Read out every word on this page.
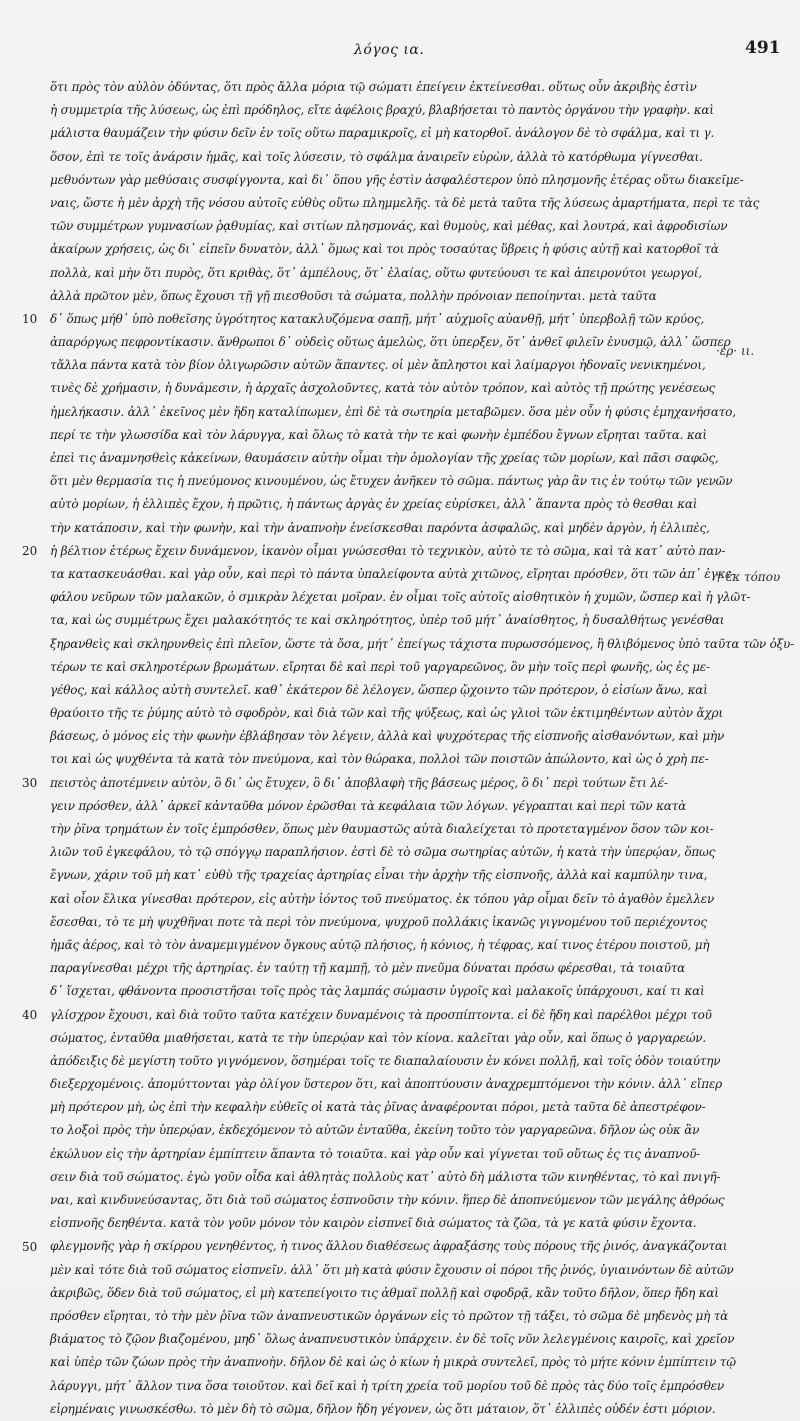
λόγος ια.	491
ὅτι πρὸς τὸν αὐλὸν ὀδύντας, ὅτι πρὸς ἄλλα μόρια τῷ σώματι ἐπείγειν ἐκτείνεσθαι. οὕτως οὖν ἀκριβὴς ἐστὶν
ἡ συμμετρία τῆς λύσεως, ὡς ἐπὶ πρόδηλος, εἴτε ἀφέλοις βραχύ, βλαβήσεται τὸ παντὸς ὀργάνου τὴν γραφὴν. καὶ
μάλιστα θαυμάζειν τὴν φύσιν δεῖν ἐν τοῖς οὕτω παραμικροῖς, εἰ μὴ κατορθοῖ. ἀνάλογον δὲ τὸ σφάλμα, καὶ τι γ.
ὅσον, ἐπὶ τε τοῖς ἀνάρσιν ἡμᾶς, καὶ τοῖς λύσεσιν, τὸ σφάλμα ἀναιρεῖν εὑρὼν, ἀλλὰ τὸ κατόρθωμα γίγνεσθαι.
μεθυόντων γὰρ μεθύσαις συσφίγγοντα, καὶ δι᾽ ὅπου γῆς ἐστὶν ἀσφαλέστερον ὑπὸ πλησμονῆς ἑτέρας οὕτω διακεῖμε-
ναις, ὥστε ἡ μὲν ἀρχὴ τῆς νόσου αὐτοῖς εὐθὺς οὕτω πλημμελῆς. τὰ δὲ μετὰ ταῦτα τῆς λύσεως ἁμαρτήματα, περὶ τε τὰς
τῶν συμμέτρων γυμνασίων ῥᾳθυμίας, καὶ σιτίων πλησμονάς, καὶ θυμοὺς, καὶ μέθας, καὶ λουτρά, καὶ ἀφροδισίων
ἀκαίρων χρήσεις, ὡς δι᾽ εἰπεῖν δυνατὸν, ἀλλ᾽ ὅμως καὶ τοι πρὸς τοσαύτας ὕβρεις ἡ φύσις αὐτῇ καὶ κατορθοῖ τὰ
πολλὰ, καὶ μὴν ὅτι πυρὸς, ὅτι κριθὰς, ὅτ᾽ ἀμπέλους, ὅτ᾽ ἐλαίας, οὕτω φυτεύουσι τε καὶ ἀπειρονύτοι γεωργοί,
ἀλλὰ πρῶτον μὲν, ὅπως ἔχουσι τῇ γῇ πιεσθοῦσι τὰ σώματα, πολλὴν πρόνοιαν πεποίηνται. μετὰ ταῦτα
δ᾽ ὅπως μήθ᾽ ὑπὸ ποθεῖσης ὑγρότητος κατακλυζόμενα σαπῇ, μήτ᾽ αὐχμοῖς αὐανθῇ, μήτ᾽ ὑπερβολῇ τῶν κρύος,
ἀπαρόργως πεφροντίκασιν. ἄνθρωποι δ᾽ οὐδεὶς οὕτως ἀμελὼς, ὅτι ὑπερξεν, ὅτ᾽ ἀνθεῖ φιλεῖν ἐνυσμῷ, ἀλλ᾽ ὥσπερ
τἄλλα πάντα κατὰ τὸν βίον ὀλιγωρῶσιν αὐτῶν ἅπαντες. οἱ μὲν ἄπληστοι καὶ λαίμαργοι ἡδοναῖς νενικημένοι,
τινὲς δὲ χρήμασιν, ἡ δυνάμεσιν, ἡ ἀρχαῖς ἀσχολοῦντες, κατὰ τὸν αὐτὸν τρόπον, καὶ αὐτὸς τῇ πρώτης γενέσεως
ἠμελήκασιν. ἀλλ᾽ ἐκεῖνος μὲν ἤδη καταλίπωμεν, ἐπὶ δὲ τὰ σωτηρία μεταβῶμεν. ὅσα μὲν οὖν ἡ φύσις ἐμηχανήσατο,
περί τε τὴν γλωσσίδα καὶ τὸν λάρυγγα, καὶ ὅλως τὸ κατὰ τὴν τε καὶ φωνὴν ἐμπέδου ἔγνων εἴρηται ταῦτα. καὶ
ἐπεὶ τις ἀναμνησθεὶς κἀκείνων, θαυμάσειν αὐτὴν οἶμαι τὴν ὁμολογίαν τῆς χρείας τῶν μορίων, καὶ πᾶσι σαφῶς,
ὅτι μὲν θερμασία τις ἡ πνεύμονος κινουμένου, ὡς ἔτυχεν ἀνῆκεν τὸ σῶμα. πάντως γὰρ ἂν τις ἐν τούτῳ τῶν γενῶν
αὐτὸ μορίων, ἡ ἐλλιπὲς ἔχον, ἡ πρῶτις, ἡ πάντως ἀργὰς ἐν χρείας εὑρίσκει, ἀλλ᾽ ἅπαντα πρὸς τὸ θεσθαι καὶ
τὴν κατάποσιν, καὶ τὴν φωνὴν, καὶ τὴν ἀναπνοὴν ἐνείσκεσθαι παρόντα ἀσφαλῶς, καὶ μηδὲν ἀργὸν, ἡ ἐλλιπὲς,
ἡ βέλτιον ἑτέρως ἔχειν δυνάμενον, ἱκανὸν οἶμαι γνώσεσθαι τὸ τεχνικὸν, αὐτὸ τε τὸ σῶμα, καὶ τὰ κατ᾽ αὐτὸ παν-
τα κατασκευάσθαι. καὶ γὰρ οὖν, καὶ περὶ τὸ πάντα ὑπαλείφοντα αὐτὰ χιτῶνος, εἴρηται πρόσθεν, ὅτι τῶν ἀπ᾽ ἐγκε-
φάλου νεῦρων τῶν μαλακῶν, ὁ σμικρὰν λέχεται μοῖραν. ἐν οἶμαι τοῖς αὐτοῖς αἰσθητικὸν ἡ χυμῶν, ὥσπερ καὶ ἡ γλῶτ-
τα, καὶ ὡς συμμέτρως ἔχει μαλακότητός τε καὶ σκληρότητος, ὑπὲρ τοῦ μήτ᾽ ἀναίσθητος, ἡ δυσαλθήτως γενέσθαι
ξηρανθεὶς καὶ σκληρυνθεὶς ἐπὶ πλεῖον, ὥστε τὰ ὄσα, μήτ᾽ ἐπείγως τάχιστα πυρωσσόμενος, ἢ θλιβόμενος ὑπὸ ταῦτα τῶν ὀξυ-
τέρων τε καὶ σκληροτέρων βρωμάτων. εἴρηται δὲ καὶ περὶ τοῦ γαργαρεῶνος, ὃν μὴν τοῖς περὶ φωνῆς, ὡς ἐς με-
γέθος, καὶ κάλλος αὐτὴ συντελεῖ. καθ᾽ ἑκάτερον δὲ λέλογεν, ὥσπερ ᾤχοιντο τῶν πρότερον, ὁ εἰσίων ἄνω, καὶ
θραύοιτο τῆς τε ῥύμης αὐτὸ τὸ σφοδρὸν, καὶ διὰ τῶν καὶ τῆς ψύξεως, καὶ ὡς γλιοὶ τῶν ἐκτιμηθέντων αὐτὸν ἄχρι
βάσεως, ὁ μόνος εἰς τὴν φωνὴν ἐβλάβησαν τὸν λέγειν, ἀλλὰ καὶ ψυχρότερας τῆς εἰσπνοῆς αἰσθανόντων, καὶ μὴν
τοι καὶ ὡς ψυχθέντα τὰ κατὰ τὸν πνεύμονα, καὶ τὸν θώρακα, πολλοὶ τῶν ποιστῶν ἀπώλοντο, καὶ ὡς ὁ χρὴ πε-
πειστὸς ἀποτέμνειν αὐτὸν, ὃ δι᾽ ὡς ἔτυχεν, ὃ δι᾽ ἀποβλαφὴ τῆς βάσεως μέρος, ὃ δι᾽ περὶ τούτων ἔτι λέ-
γειν πρόσθεν, ἀλλ᾽ ἀρκεῖ κἀνταῦθα μόνον ἐρῶσθαι τὰ κεφάλαια τῶν λόγων. γέγραπται καὶ περὶ τῶν κατὰ
τὴν ῥῖνα τρημάτων ἐν τοῖς ἐμπρόσθεν, ὅπως μὲν θαυμαστῶς αὐτὰ διαλείχεται τὸ προτεταγμένον ὅσον τῶν κοι-
λιῶν τοῦ ἐγκεφάλου, τὸ τῷ σπόγγῳ παραπλήσιον. ἐστὶ δὲ τὸ σῶμα σωτηρίας αὐτῶν, ἡ κατὰ τὴν ὑπερῴαν, ὅπως
ἔγνων, χάριν τοῦ μὴ κατ᾽ εὐθὺ τῆς τραχείας ἀρτηρίας εἶναι τὴν ἀρχὴν τῆς εἰσπνοῆς, ἀλλὰ καὶ καμπύλην τινα,
καὶ οἷον ἕλικα γίνεσθαι πρότερον, εἰς αὐτὴν ἰόντος τοῦ πνεύματος. ἐκ τόπου γὰρ οἶμαι δεῖν τὸ ἀγαθὸν ἐμελλεν
ἔσεσθαι, τὸ τε μὴ ψυχθῆναι ποτε τὰ περὶ τὸν πνεύμονα, ψυχροῦ πολλάκις ἱκανῶς γιγνομένου τοῦ περιέχοντος
ἡμᾶς ἀέρος, καὶ τὸ τὸν ἀναμεμιγμένον ὄγκους αὐτῷ πλήσιος, ἡ κόνιος, ἡ τέφρας, καί τινος ἑτέρου ποιστοῦ, μὴ
παραγίνεσθαι μέχρι τῆς ἀρτηρίας. ἐν ταύτῃ τῇ καμπῇ, τὸ μὲν πνεῦμα δύναται πρόσω φέρεσθαι, τὰ τοιαῦτα
δ᾽ ἴσχεται, φθάνοντα προσιστῆσαι τοῖς πρὸς τὰς λαμπάς σώμασιν ὑγροῖς καὶ μαλακοῖς ὑπάρχουσι, καί τι καὶ
γλίσχρον ἔχουσι, καὶ διὰ τοῦτο ταῦτα κατέχειν δυναμένοις τὰ προσπίπτοντα. εἰ δὲ ἤδη καὶ παρέλθοι μέχρι τοῦ
σώματος, ἐνταῦθα μιαθήσεται, κατὰ τε τὴν ὑπερῴαν καὶ τὸν κίονα. καλεῖται γὰρ οὖν, καὶ ὅπως ὁ γαργαρεών.
ἀπόδειξις δὲ μεγίστη τοῦτο γιγνόμενον, ὅσημέραι τοῖς τε διαπαλαίουσιν ἐν κόνει πολλῇ, καὶ τοῖς ὁδὸν τοιαύτην
διεξερχομένοις. ἀπομύττονται γὰρ ὀλίγον ὕστερον ὅτι, καὶ ἀποπτύουσιν ἀναχρεμπτόμενοι τὴν κόνιν. ἀλλ᾽ εἴπερ
μὴ πρότερον μὴ, ὡς ἐπὶ τὴν κεφαλὴν εὐθεῖς οἱ κατὰ τὰς ῥῖνας ἀναφέρονται πόροι, μετὰ ταῦτα δὲ ἀπεστρέφον-
το λοξοὶ πρὸς τὴν ὑπερῴαν, ἐκδεχόμενον τὸ αὐτῶν ἐνταῦθα, ἐκείνη τοῦτο τὸν γαργαρεῶνα. δῆλον ὡς οὐκ ἂν
ἐκώλυον εἰς τὴν ἀρτηρίαν ἐμπίπτειν ἅπαντα τὸ τοιαῦτα. καὶ γὰρ οὖν καὶ γίγνεται τοῦ οὕτως ἐς τις ἀναπνοῦ-
σειν διὰ τοῦ σώματος. ἐγὼ γοῦν οἶδα καὶ ἀθλητὰς πολλοὺς κατ᾽ αὐτὸ δὴ μάλιστα τῶν κινηθέντας, τὸ καὶ πνιγῆ-
ναι, καὶ κινδυνεύσαντας, ὅτι διὰ τοῦ σώματος ἐσπνοῦσιν τὴν κόνιν. ἥπερ δὲ ἀποπνεύμενον τῶν μεγάλης ἀθρόως
εἰσπνοῆς δεηθέντα. κατὰ τὸν γοῦν μόνον τὸν καιρὸν εἰσπνεῖ διὰ σώματος τὰ ζῶα, τὰ γε κατὰ φύσιν ἔχοντα.
φλεγμονῆς γὰρ ἡ σκίρρου γενηθέντος, ἡ τινος ἄλλου διαθέσεως ἀφραξάσης τοὺς πόρους τῆς ῥινός, ἀναγκάζονται
μὲν καὶ τότε διὰ τοῦ σώματος εἰσπνεῖν. ἀλλ᾽ ὅτι μὴ κατὰ φύσιν ἔχουσιν οἱ πόροι τῆς ῥινός, ὑγιαινόντων δὲ αὐτῶν
ἀκριβῶς, ὅδεν διὰ τοῦ σώματος, εἰ μὴ κατεπείγοιτο τις ἀθμαῖ πολλῇ καὶ σφοδρᾷ, κἂν τοῦτο δῆλον, ὅπερ ἤδη καὶ
πρόσθεν εἴρηται, τὸ τὴν μὲν ῥῖνα τῶν ἀναπνευστικῶν ὀργάνων εἰς τὸ πρῶτον τῇ τάξει, τὸ σῶμα δὲ μηδενὸς μὴ τὰ
βιάματος τὸ ζῷον βιαζομένου, μηδ᾽ ὅλως ἀναπνευστικὸν ὑπάρχειν. ἐν δὲ τοῖς νῦν λελεγμένοις καιροῖς, καὶ χρεῖον
καὶ ὑπὲρ τῶν ζώων πρὸς τὴν ἀναπνοὴν. δῆλον δὲ καὶ ὡς ὁ κίων ἡ μικρὰ συντελεῖ, πρὸς τὸ μήτε κόνιν ἐμπίπτειν τῷ
λάρυγγι, μήτ᾽ ἄλλον τινα ὅσα τοιοῦτον. καὶ δεῖ καὶ ἡ τρίτη χρεία τοῦ μορίου τοῦ δὲ πρὸς τὰς δύο τοῖς ἐμπρόσθεν
εἰρημέναις γινωσκέσθω. τὸ μὲν δὴ τὸ σῶμα, δῆλον ἤδη γέγονεν, ὡς ὅτι μάταιον, ὅτ᾽ ἐλλιπὲς οὐδέν ἐστι μόριον.
10
20
30
40
50
·ερ· ιι.
† ἐκ τόπου
